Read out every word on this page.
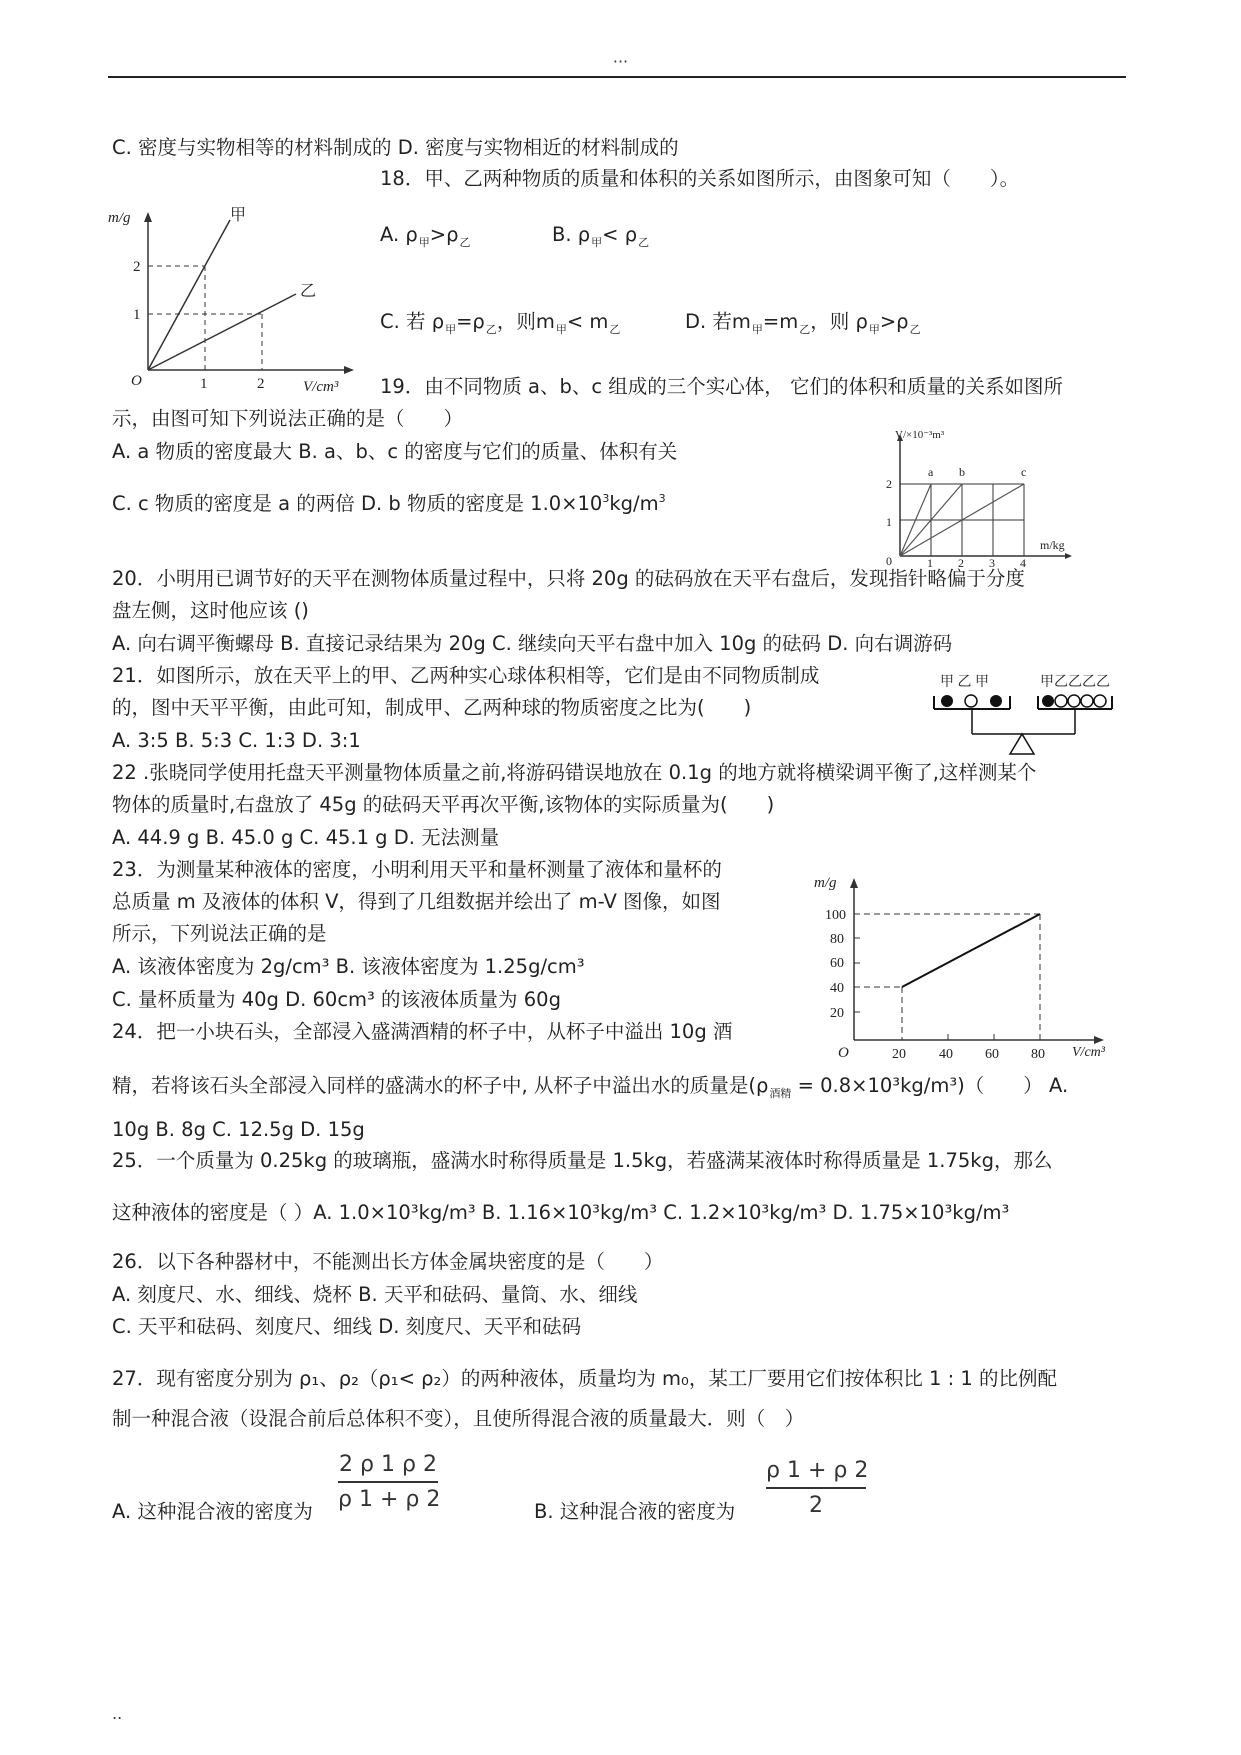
···
C. 密度与实物相等的材料制成的 D. 密度与实物相近的材料制成的
18．甲、乙两种物质的质量和体积的关系如图所示，由图象可知（　　）。
A. $\rho_甲>\rho_乙$	B. $\rho_甲< \rho_乙$
C. 若 $\rho_甲=\rho_乙$，则$m_甲< m_乙$	D. 若$m_甲=m_乙$，则 $\rho_甲>\rho_乙$
19．由不同物质 a、b、c 组成的三个实心体， 它们的体积和质量的关系如图所
示，由图可知下列说法正确的是（　　）
A. a 物质的密度最大 B. a、b、c 的密度与它们的质量、体积有关
C. c 物质的密度是 a 的两倍 D. b 物质的密度是 $1.0\times 10^3kg/m^3$
20．小明用已调节好的天平在测物体质量过程中，只将 20g 的砝码放在天平右盘后，发现指针略偏于分度
盘左侧，这时他应该 ()
A. 向右调平衡螺母 B. 直接记录结果为 20g C. 继续向天平右盘中加入 10g 的砝码 D. 向右调游码
21．如图所示，放在天平上的甲、乙两种实心球体积相等，它们是由不同物质制成
的，图中天平平衡，由此可知，制成甲、乙两种球的物质密度之比为(　　)
A. 3:5 B. 5:3 C. 1:3 D. 3:1
22 .张晓同学使用托盘天平测量物体质量之前,将游码错误地放在 0.1g 的地方就将横梁调平衡了,这样测某个
物体的质量时,右盘放了 45g 的砝码天平再次平衡,该物体的实际质量为(　　)
A. 44.9 g B. 45.0 g C. 45.1 g D. 无法测量
23．为测量某种液体的密度，小明利用天平和量杯测量了液体和量杯的
总质量 m 及液体的体积 V，得到了几组数据并绘出了 m-V 图像，如图
所示，下列说法正确的是
A. 该液体密度为 2g/cm³ B. 该液体密度为 1.25g/cm³
C. 量杯质量为 40g D. 60cm³ 的该液体质量为 60g
24．把一小块石头，全部浸入盛满酒精的杯子中，从杯子中溢出 10g 酒
精，若将该石头全部浸入同样的盛满水的杯子中, 从杯子中溢出水的质量是$(\rho_{酒精} = 0.8\times 10^3kg/m^3)$（　　） A.
10g B. 8g C. 12.5g D. 15g
25．一个质量为 0.25kg 的玻璃瓶，盛满水时称得质量是 1.5kg，若盛满某液体时称得质量是 1.75kg，那么
这种液体的密度是（ ）A. 1.0×10³kg/m³ B. 1.16×10³kg/m³ C. 1.2×10³kg/m³ D. 1.75×10³kg/m³
26．以下各种器材中，不能测出长方体金属块密度的是（　　）
A. 刻度尺、水、细线、烧杯 B. 天平和砝码、量筒、水、细线
C. 天平和砝码、刻度尺、细线 D. 刻度尺、天平和砝码
27．现有密度分别为 ρ₁、ρ₂（ρ₁< ρ₂）的两种液体，质量均为 m₀，某工厂要用它们按体积比 1 : 1 的比例配
制一种混合液（设混合前后总体积不变），且使所得混合液的质量最大．则（　）
A. 这种混合液的密度为	B. 这种混合液的密度为
2 ρ 1 ρ 2
ρ 1 + ρ 2
ρ 1 + ρ 2
2
m/g
V/cm³
O
1
2
1	2
甲
乙
V/×10⁻³m³
m/kg
0
1
2
1 2 3 4
a b	c
甲 乙 甲	甲乙乙乙乙
m/g
V/cm³
O
100
80
60
40
20
20 40 60 80
..
